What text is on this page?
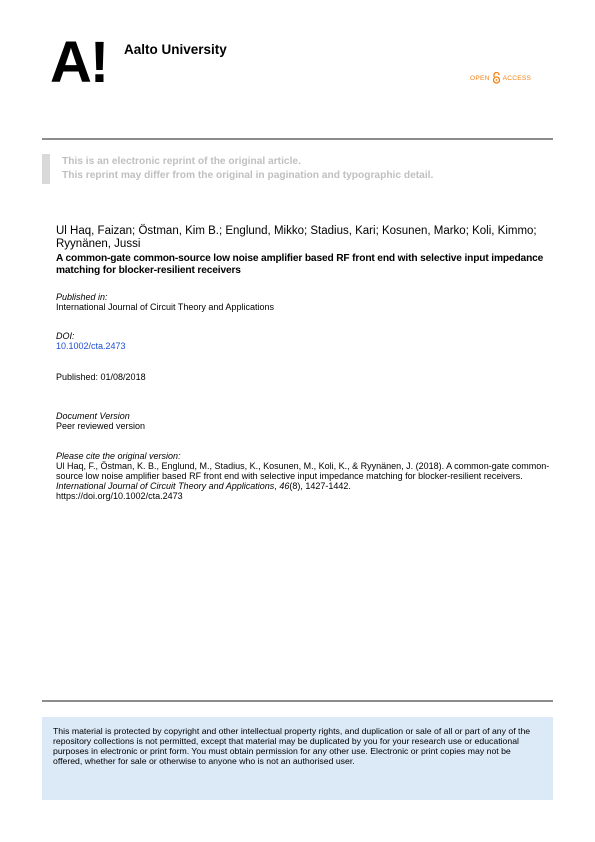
A! Aalto University
OPEN ACCESS
This is an electronic reprint of the original article.
This reprint may differ from the original in pagination and typographic detail.
Ul Haq, Faizan; Östman, Kim B.; Englund, Mikko; Stadius, Kari; Kosunen, Marko; Koli, Kimmo; Ryynänen, Jussi
A common-gate common-source low noise amplifier based RF front end with selective input impedance matching for blocker-resilient receivers
Published in:
International Journal of Circuit Theory and Applications
DOI:
10.1002/cta.2473
Published: 01/08/2018
Document Version
Peer reviewed version
Please cite the original version:
Ul Haq, F., Östman, K. B., Englund, M., Stadius, K., Kosunen, M., Koli, K., & Ryynänen, J. (2018). A common-gate common-source low noise amplifier based RF front end with selective input impedance matching for blocker-resilient receivers. International Journal of Circuit Theory and Applications, 46(8), 1427-1442.
https://doi.org/10.1002/cta.2473
This material is protected by copyright and other intellectual property rights, and duplication or sale of all or part of any of the repository collections is not permitted, except that material may be duplicated by you for your research use or educational purposes in electronic or print form. You must obtain permission for any other use. Electronic or print copies may not be offered, whether for sale or otherwise to anyone who is not an authorised user.
